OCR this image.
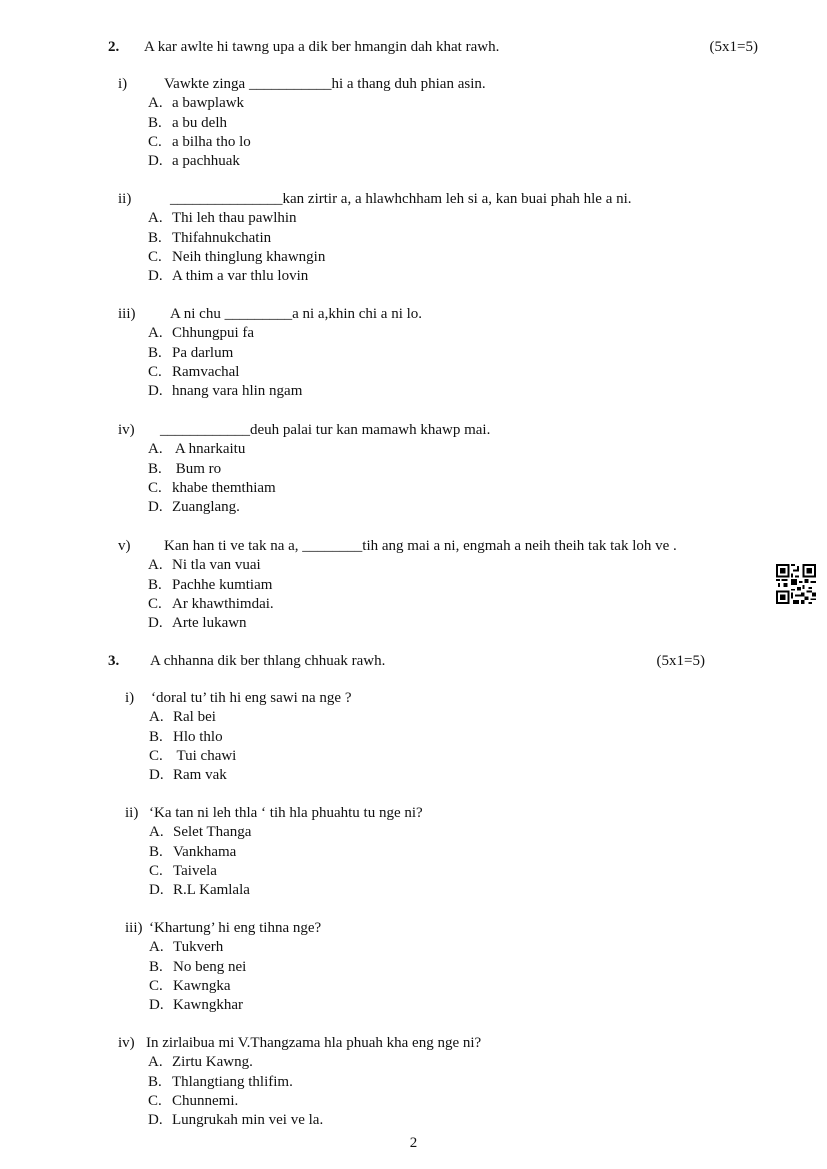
2. A kar awlte hi tawng upa a dik ber hmangin dah khat rawh.	(5x1=5)
i) Vawkte zinga ___________hi a thang duh phian asin.
A. a bawplawk
B. a bu delh
C. a bilha tho lo
D. a pachhuak
ii)	_______________kan zirtir a, a hlawhchham leh si a, kan buai phah hle a ni.
A. Thi leh thau pawlhin
B. Thifahnukchatin
C. Neih thinglung khawngin
D. A thim a var thlu lovin
iii) A ni chu _________a ni a,khin chi a ni lo.
A. Chhungpui fa
B. Pa darlum
C. Ramvachal
D. hnang vara hlin ngam
iv) ____________deuh palai tur kan mamawh khawp mai.
A. A hnarkaitu
B. Bum ro
C. khabe themthiam
D. Zuanglang.
v) Kan han ti ve tak na a, ________tih ang mai a ni, engmah a neih theih tak tak loh ve .
A. Ni tla van vuai
B. Pachhe kumtiam
C. Ar khawthimdai.
D. Arte lukawn
3. A chhanna dik ber thlang chhuak rawh.	(5x1=5)
i) ‘doral tu’ tih hi eng sawi na nge ?
A. Ral bei
B. Hlo thlo
C. Tui chawi
D. Ram vak
ii) ‘Ka tan ni leh thla ‘ tih hla phuahtu tu nge ni?
A. Selet Thanga
B. Vankhama
C. Taivela
D. R.L Kamlala
iii) ‘Khartung’ hi eng tihna nge?
A. Tukverh
B. No beng nei
C. Kawngka
D. Kawngkhar
iv) In zirlaibua mi V.Thangzama hla phuah kha eng nge ni?
A. Zirtu Kawng.
B. Thlangtiang thlifim.
C. Chunnemi.
D. Lungrukah min vei ve la.
2
